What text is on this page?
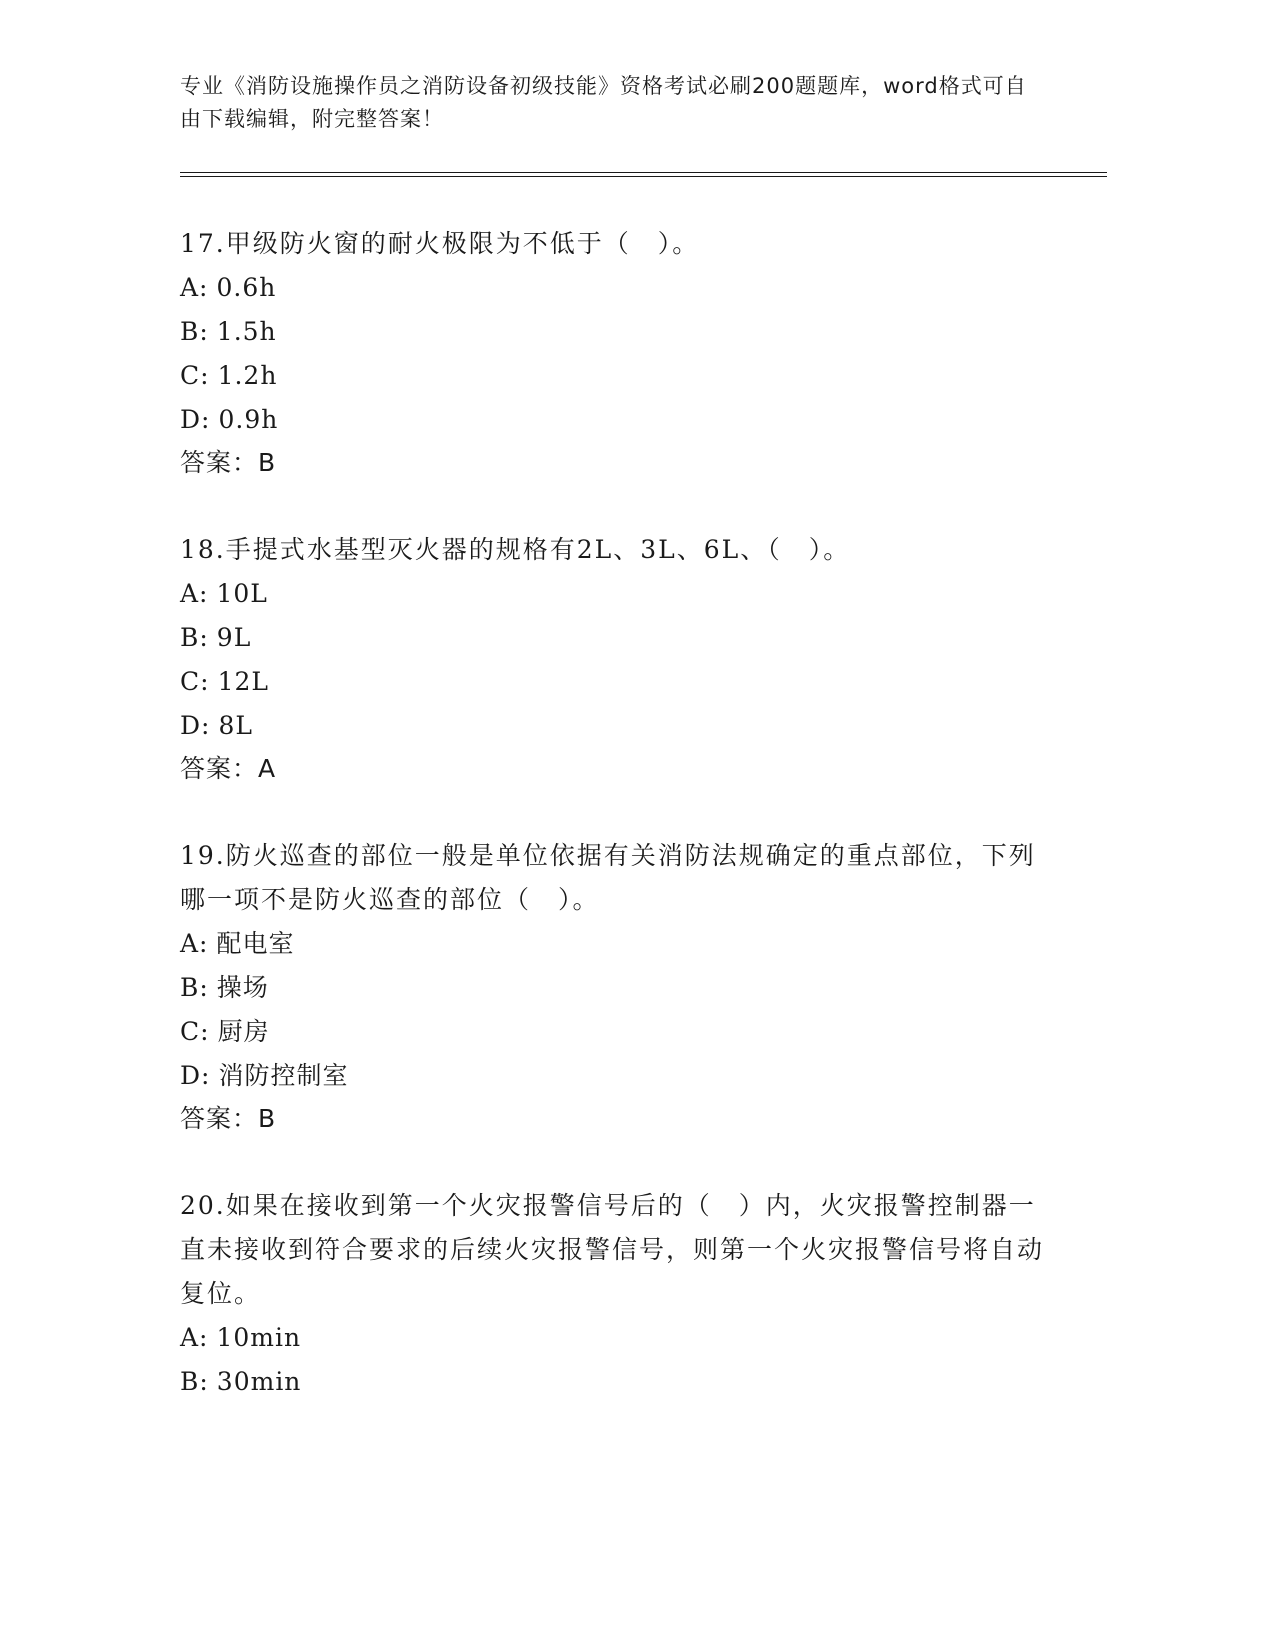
专业《消防设施操作员之消防设备初级技能》资格考试必刷200题题库，word格式可自由下载编辑，附完整答案！

17.甲级防火窗的耐火极限为不低于（　）。

A: 0.6h

B: 1.5h

C: 1.2h

D: 0.9h

答案：B

18.手提式水基型灭火器的规格有2L、3L、6L、（　）。

A: 10L

B: 9L

C: 12L

D: 8L

答案：A

19.防火巡查的部位一般是单位依据有关消防法规确定的重点部位，下列哪一项不是防火巡查的部位（　）。

A: 配电室

B: 操场

C: 厨房

D: 消防控制室

答案：B

20.如果在接收到第一个火灾报警信号后的（　）内，火灾报警控制器一直未接收到符合要求的后续火灾报警信号，则第一个火灾报警信号将自动复位。

A: 10min

B: 30min
